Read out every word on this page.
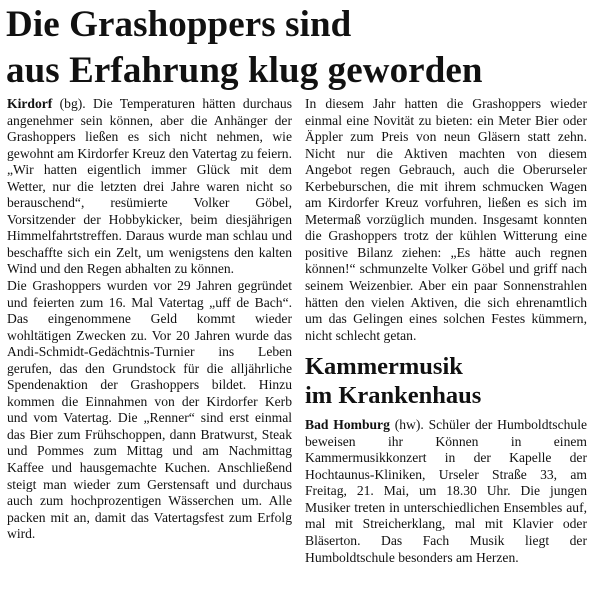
Die Grashoppers sind
aus Erfahrung klug geworden

Kirdorf (bg). Die Temperaturen hätten durchaus angenehmer sein können, aber die Anhänger der Grashoppers ließen es sich nicht nehmen, wie gewohnt am Kirdorfer Kreuz den Vatertag zu feiern. „Wir hatten eigentlich immer Glück mit dem Wetter, nur die letzten drei Jahre waren nicht so berauschend“, resümierte Volker Göbel, Vorsitzender der Hobbykicker, beim diesjährigen Himmelfahrtstreffen. Daraus wurde man schlau und beschaffte sich ein Zelt, um wenigstens den kalten Wind und den Regen abhalten zu können.

Die Grashoppers wurden vor 29 Jahren gegründet und feierten zum 16. Mal Vatertag „uff de Bach“. Das eingenommene Geld kommt wieder wohltätigen Zwecken zu. Vor 20 Jahren wurde das Andi-Schmidt-Gedächtnis-Turnier ins Leben gerufen, das den Grundstock für die alljährliche Spendenaktion der Grashoppers bildet. Hinzu kommen die Einnahmen von der Kirdorfer Kerb und vom Vatertag. Die „Renner“ sind erst einmal das Bier zum Frühschoppen, dann Bratwurst, Steak und Pommes zum Mittag und am Nachmittag Kaffee und hausgemachte Kuchen. Anschließend steigt man wieder zum Gerstensaft und durchaus auch zum hochprozentigen Wässerchen um. Alle packen mit an, damit das Vatertagsfest zum Erfolg wird.

In diesem Jahr hatten die Grashoppers wieder einmal eine Novität zu bieten: ein Meter Bier oder Äppler zum Preis von neun Gläsern statt zehn. Nicht nur die Aktiven machten von diesem Angebot regen Gebrauch, auch die Oberurseler Kerbeburschen, die mit ihrem schmucken Wagen am Kirdorfer Kreuz vorfuhren, ließen es sich im Metermaß vorzüglich munden. Insgesamt konnten die Grashoppers trotz der kühlen Witterung eine positive Bilanz ziehen: „Es hätte auch regnen können!“ schmunzelte Volker Göbel und griff nach seinem Weizenbier. Aber ein paar Sonnenstrahlen hätten den vielen Aktiven, die sich ehrenamtlich um das Gelingen eines solchen Festes kümmern, nicht schlecht getan.

Kammermusik
im Krankenhaus

Bad Homburg (hw). Schüler der Humboldtschule beweisen ihr Können in einem Kammermusikkonzert in der Kapelle der Hochtaunus-Kliniken, Urseler Straße 33, am Freitag, 21. Mai, um 18.30 Uhr. Die jungen Musiker treten in unterschiedlichen Ensembles auf, mal mit Streicherklang, mal mit Klavier oder Bläserton. Das Fach Musik liegt der Humboldtschule besonders am Herzen.
